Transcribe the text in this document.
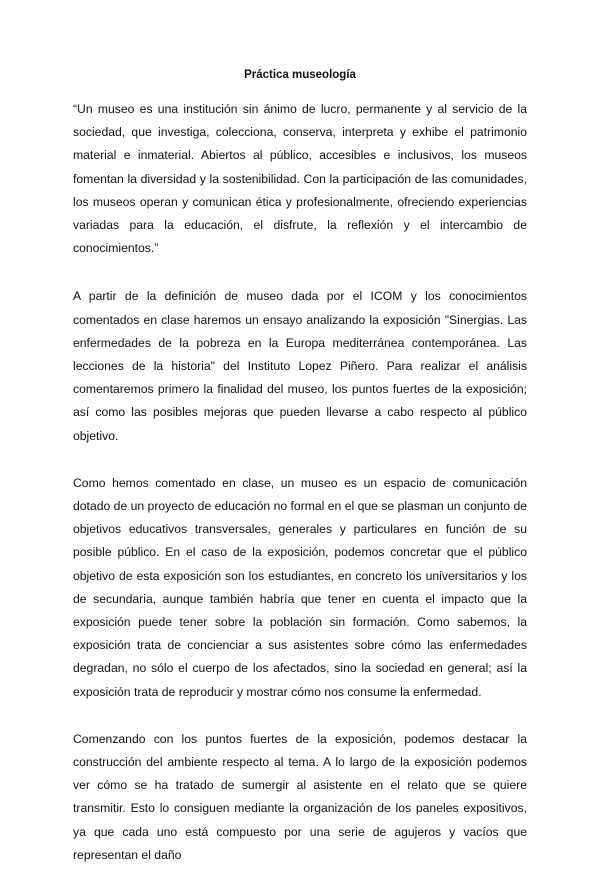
Práctica museología

“Un museo es una institución sin ánimo de lucro, permanente y al servicio de la sociedad, que investiga, colecciona, conserva, interpreta y exhibe el patrimonio material e inmaterial. Abiertos al público, accesibles e inclusivos, los museos fomentan la diversidad y la sostenibilidad. Con la participación de las comunidades, los museos operan y comunican ética y profesionalmente, ofreciendo experiencias variadas para la educación, el disfrute, la reflexión y el intercambio de conocimientos.”

A partir de la definición de museo dada por el ICOM y los conocimientos comentados en clase haremos un ensayo analizando la exposición "Sinergias. Las enfermedades de la pobreza en la Europa mediterránea contemporánea. Las lecciones de la historia" del Instituto Lopez Piñero. Para realizar el análisis comentaremos primero la finalidad del museo, los puntos fuertes de la exposición; así como las posibles mejoras que pueden llevarse a cabo respecto al público objetivo.

Como hemos comentado en clase, un museo es un espacio de comunicación dotado de un proyecto de educación no formal en el que se plasman un conjunto de objetivos educativos transversales, generales y particulares en función de su posible público. En el caso de la exposición, podemos concretar que el público objetivo de esta exposición son los estudiantes, en concreto los universitarios y los de secundaria, aunque también habría que tener en cuenta el impacto que la exposición puede tener sobre la población sin formación. Como sabemos, la exposición trata de concienciar a sus asistentes sobre cómo las enfermedades degradan, no sólo el cuerpo de los afectados, sino la sociedad en general; así la exposición trata de reproducir y mostrar cómo nos consume la enfermedad.

Comenzando con los puntos fuertes de la exposición, podemos destacar la construcción del ambiente respecto al tema. A lo largo de la exposición podemos ver cómo se ha tratado de sumergir al asistente en el relato que se quiere transmitir. Esto lo consiguen mediante la organización de los paneles expositivos, ya que cada uno está compuesto por una serie de agujeros y vacíos que representan el daño
